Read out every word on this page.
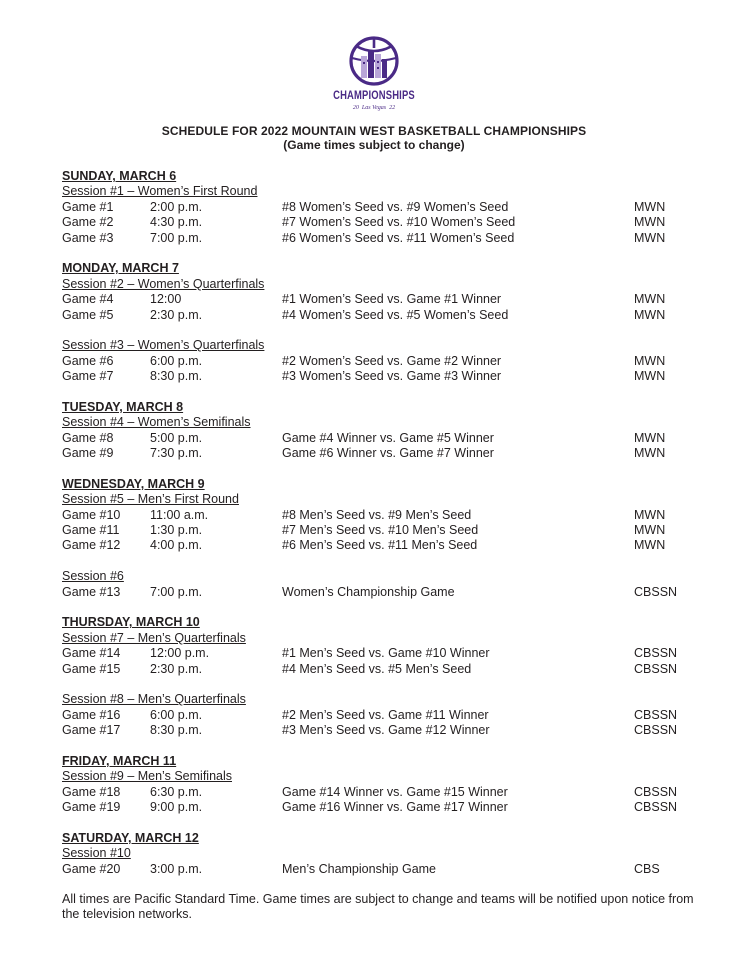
CHAMPIONSHIPS
20 Las Vegas 22
SCHEDULE FOR 2022 MOUNTAIN WEST BASKETBALL CHAMPIONSHIPS
(Game times subject to change)
SUNDAY, MARCH 6
Session #1 – Women’s First Round
Game #1	2:00 p.m.	#8 Women’s Seed vs. #9 Women’s Seed	MWN
Game #2	4:30 p.m.	#7 Women’s Seed vs. #10 Women’s Seed	MWN
Game #3	7:00 p.m.	#6 Women’s Seed vs. #11 Women’s Seed	MWN
MONDAY, MARCH 7
Session #2 – Women’s Quarterfinals
Game #4	12:00	#1 Women’s Seed vs. Game #1 Winner	MWN
Game #5	2:30 p.m.	#4 Women’s Seed vs. #5 Women’s Seed	MWN
Session #3 – Women’s Quarterfinals
Game #6	6:00 p.m.	#2 Women’s Seed vs. Game #2 Winner	MWN
Game #7	8:30 p.m.	#3 Women’s Seed vs. Game #3 Winner	MWN
TUESDAY, MARCH 8
Session #4 – Women’s Semifinals
Game #8	5:00 p.m.	Game #4 Winner vs. Game #5 Winner	MWN
Game #9	7:30 p.m.	Game #6 Winner vs. Game #7 Winner	MWN
WEDNESDAY, MARCH 9
Session #5 – Men’s First Round
Game #10 11:00 a.m.	#8 Men’s Seed vs. #9 Men’s Seed	MWN
Game #11 1:30 p.m.	#7 Men’s Seed vs. #10 Men’s Seed	MWN
Game #12 4:00 p.m.	#6 Men’s Seed vs. #11 Men’s Seed	MWN
Session #6
Game #13 7:00 p.m.	Women’s Championship Game	CBSSN
THURSDAY, MARCH 10
Session #7 – Men’s Quarterfinals
Game #14 12:00 p.m.	#1 Men’s Seed vs. Game #10 Winner	CBSSN
Game #15 2:30 p.m.	#4 Men’s Seed vs. #5 Men’s Seed	CBSSN
Session #8 – Men’s Quarterfinals
Game #16 6:00 p.m.	#2 Men’s Seed vs. Game #11 Winner	CBSSN
Game #17 8:30 p.m.	#3 Men’s Seed vs. Game #12 Winner	CBSSN
FRIDAY, MARCH 11
Session #9 – Men’s Semifinals
Game #18 6:30 p.m.	Game #14 Winner vs. Game #15 Winner	CBSSN
Game #19 9:00 p.m.	Game #16 Winner vs. Game #17 Winner	CBSSN
SATURDAY, MARCH 12
Session #10
Game #20 3:00 p.m.	Men’s Championship Game	CBS
All times are Pacific Standard Time. Game times are subject to change and teams will be notified upon notice from the television networks.
